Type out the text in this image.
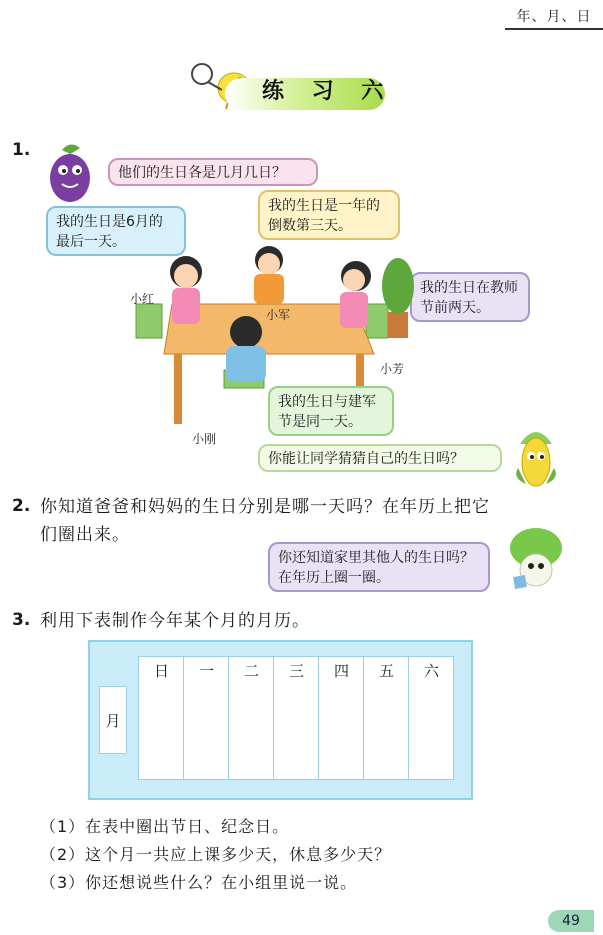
年、月、日
练 习 六
1.
他们的生日各是几月几日？
我的生日是6月的最后一天。
我的生日是一年的倒数第三天。
我的生日在教师节前两天。
小红
小军
小芳
小刚
我的生日与建军节是同一天。
你能让同学猜猜自己的生日吗？
2. 你知道爸爸和妈妈的生日分别是哪一天吗？在年历上把它
们圈出来。
你还知道家里其他人的生日吗？在年历上圈一圈。
3. 利用下表制作今年某个月的月历。
月
日	一	二	三	四	五	六
（1）在表中圈出节日、纪念日。
（2）这个月一共应上课多少天，休息多少天？
（3）你还想说些什么？在小组里说一说。
49
